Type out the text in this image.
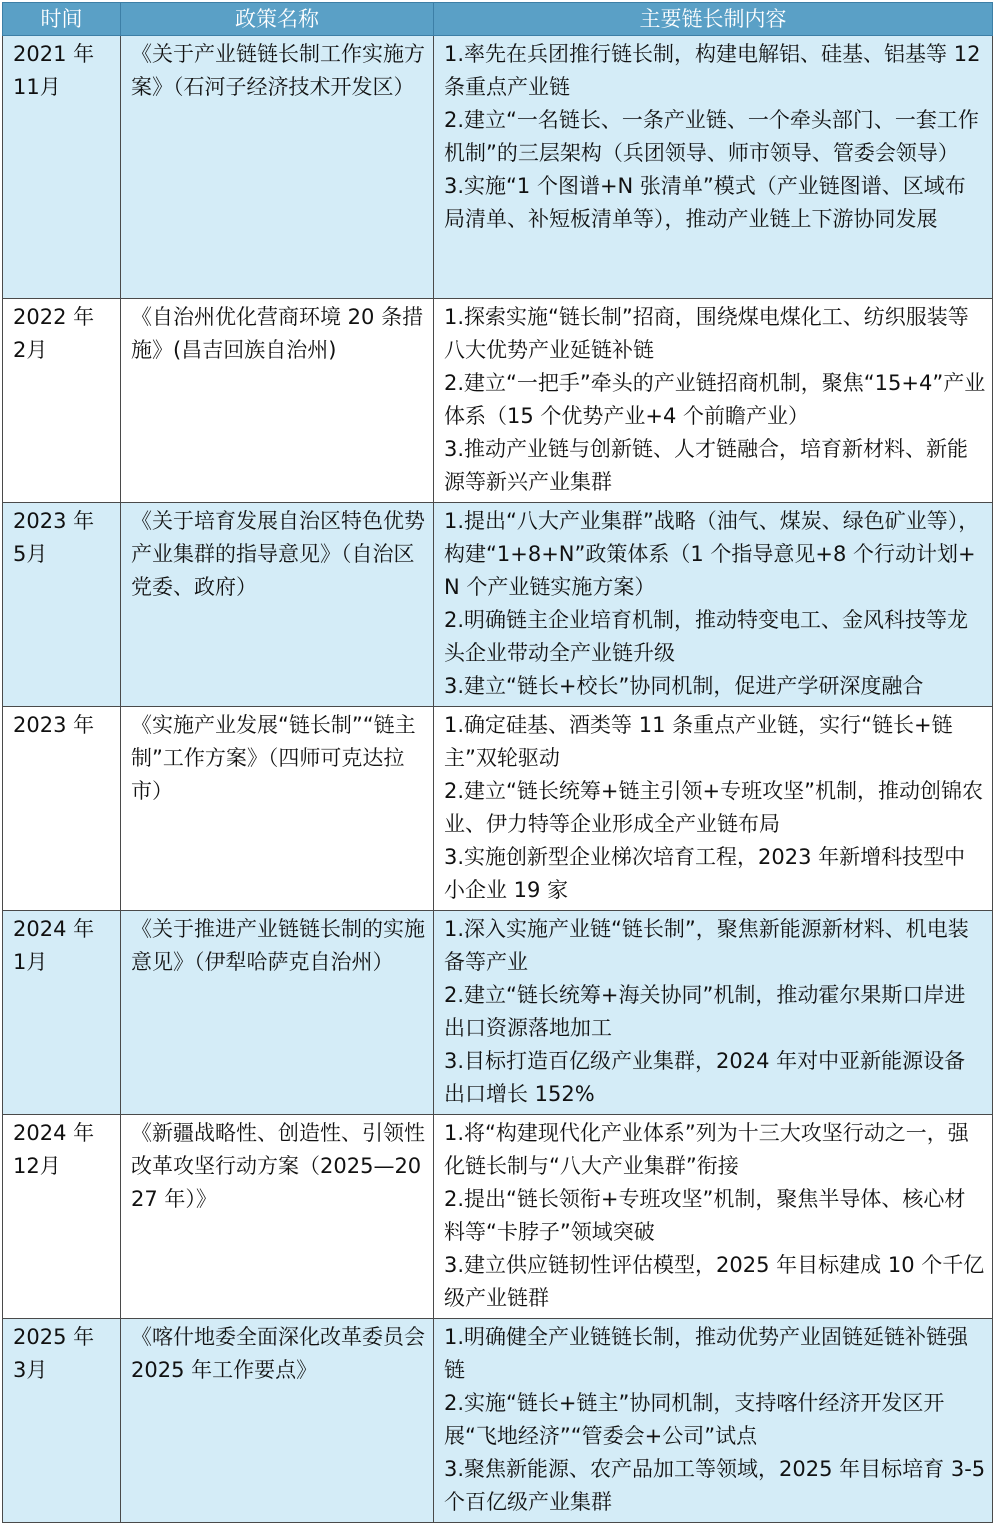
时间	政策名称	主要链长制内容
2021 年 11月	《关于产业链链长制工作实施方案》（石河子经济技术开发区）	1.率先在兵团推行链长制，构建电解铝、硅基、铝基等 12 条重点产业链
2.建立“一名链长、一条产业链、一个牵头部门、一套工作机制”的三层架构（兵团领导、师市领导、管委会领导）
3.实施“1 个图谱+N 张清单”模式（产业链图谱、区域布局清单、补短板清单等），推动产业链上下游协同发展

2022 年 2月	《自治州优化营商环境 20 条措施》(昌吉回族自治州)	1.探索实施“链长制”招商，围绕煤电煤化工、纺织服装等八大优势产业延链补链
2.建立“一把手”牵头的产业链招商机制，聚焦“15+4”产业体系（15 个优势产业+4 个前瞻产业）
3.推动产业链与创新链、人才链融合，培育新材料、新能源等新兴产业集群

2023 年 5月	《关于培育发展自治区特色优势产业集群的指导意见》（自治区党委、政府）	1.提出“八大产业集群”战略（油气、煤炭、绿色矿业等），构建“1+8+N”政策体系（1 个指导意见+8 个行动计划+N 个产业链实施方案）
2.明确链主企业培育机制，推动特变电工、金风科技等龙头企业带动全产业链升级
3.建立“链长+校长”协同机制，促进产学研深度融合

2023 年	《实施产业发展“链长制”“链主制”工作方案》（四师可克达拉市）	1.确定硅基、酒类等 11 条重点产业链，实行“链长+链主”双轮驱动
2.建立“链长统筹+链主引领+专班攻坚”机制，推动创锦农业、伊力特等企业形成全产业链布局
3.实施创新型企业梯次培育工程，2023 年新增科技型中小企业 19 家

2024 年 1月	《关于推进产业链链长制的实施意见》（伊犁哈萨克自治州）	1.深入实施产业链“链长制”，聚焦新能源新材料、机电装备等产业
2.建立“链长统筹+海关协同”机制，推动霍尔果斯口岸进出口资源落地加工
3.目标打造百亿级产业集群，2024 年对中亚新能源设备出口增长 152%

2024 年 12月	《新疆战略性、创造性、引领性改革攻坚行动方案（2025—2027 年）》	1.将“构建现代化产业体系”列为十三大攻坚行动之一，强化链长制与“八大产业集群”衔接
2.提出“链长领衔+专班攻坚”机制，聚焦半导体、核心材料等“卡脖子”领域突破
3.建立供应链韧性评估模型，2025 年目标建成 10 个千亿级产业链群

2025 年 3月	《喀什地委全面深化改革委员会 2025 年工作要点》	1.明确健全产业链链长制，推动优势产业固链延链补链强链
2.实施“链长+链主”协同机制，支持喀什经济开发区开展“飞地经济”“管委会+公司”试点
3.聚焦新能源、农产品加工等领域，2025 年目标培育 3-5 个百亿级产业集群
